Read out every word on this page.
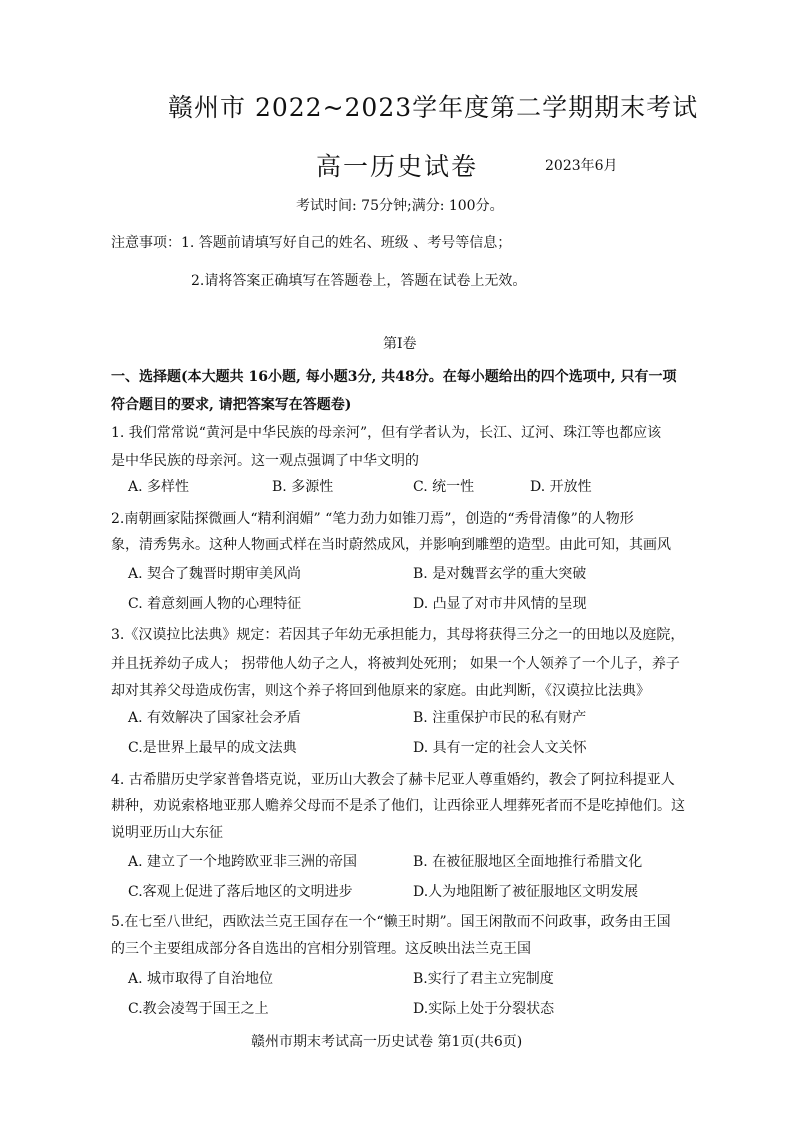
赣州市 2022~2023学年度第二学期期末考试
高一历史试卷	2023年6月
考试时间: 75分钟;满分: 100分。
注意事项：1. 答题前请填写好自己的姓名、班级 、考号等信息；
2.请将答案正确填写在答题卷上，答题在试卷上无效。
第I卷
一、选择题(本大题共 16小题, 每小题3分, 共48分。在每小题给出的四个选项中, 只有一项
符合题目的要求, 请把答案写在答题卷)
1. 我们常常说“黄河是中华民族的母亲河”，但有学者认为，长江、辽河、珠江等也都应该
是中华民族的母亲河。这一观点强调了中华文明的
A. 多样性	B. 多源性	C. 统一性	D. 开放性
2.南朝画家陆探微画人“精利润媚” “笔力劲力如锥刀焉”，创造的“秀骨清像”的人物形
象，清秀隽永。这种人物画式样在当时蔚然成风，并影响到雕塑的造型。由此可知，其画风
A. 契合了魏晋时期审美风尚	B. 是对魏晋玄学的重大突破
C. 着意刻画人物的心理特征	D. 凸显了对市井风情的呈现
3.《汉谟拉比法典》规定：若因其子年幼无承担能力，其母将获得三分之一的田地以及庭院，
并且抚养幼子成人； 拐带他人幼子之人，将被判处死刑； 如果一个人领养了一个儿子，养子
却对其养父母造成伤害，则这个养子将回到他原来的家庭。由此判断，《汉谟拉比法典》
A. 有效解决了国家社会矛盾	B. 注重保护市民的私有财产
C.是世界上最早的成文法典	D. 具有一定的社会人文关怀
4. 古希腊历史学家普鲁塔克说，亚历山大教会了赫卡尼亚人尊重婚约，教会了阿拉科提亚人
耕种，劝说索格地亚那人赡养父母而不是杀了他们，让西徐亚人埋葬死者而不是吃掉他们。这
说明亚历山大东征
A. 建立了一个地跨欧亚非三洲的帝国	B. 在被征服地区全面地推行希腊文化
C.客观上促进了落后地区的文明进步	D.人为地阻断了被征服地区文明发展
5.在七至八世纪，西欧法兰克王国存在一个“懒王时期”。国王闲散而不问政事，政务由王国
的三个主要组成部分各自选出的宫相分别管理。这反映出法兰克王国
A. 城市取得了自治地位	B.实行了君主立宪制度
C.教会凌驾于国王之上	D.实际上处于分裂状态
赣州市期末考试高一历史试卷 第1页(共6页)
